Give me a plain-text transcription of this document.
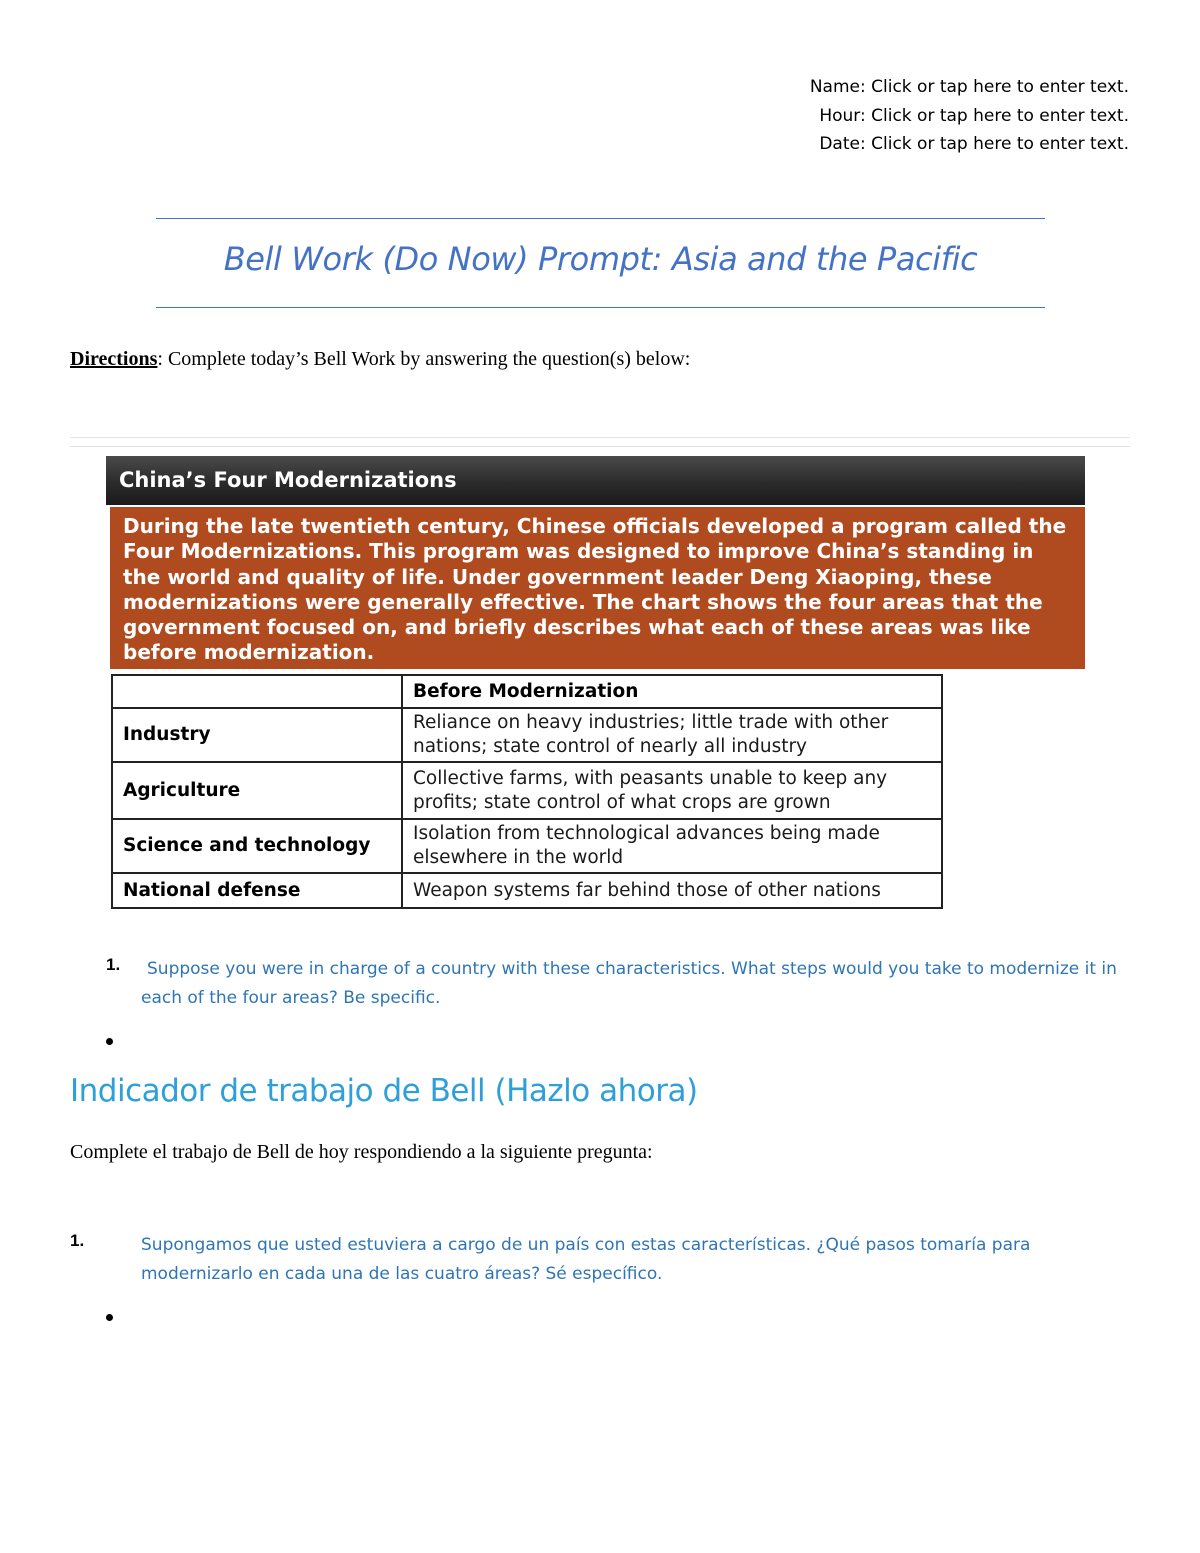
Name: Click or tap here to enter text.
Hour: Click or tap here to enter text.
Date: Click or tap here to enter text.
Bell Work (Do Now) Prompt: Asia and the Pacific
Directions: Complete today’s Bell Work by answering the question(s) below:
China’s Four Modernizations
During the late twentieth century, Chinese officials developed a program called the Four Modernizations. This program was designed to improve China’s standing in the world and quality of life. Under government leader Deng Xiaoping, these modernizations were generally effective. The chart shows the four areas that the government focused on, and briefly describes what each of these areas was like before modernization.
	Before Modernization
Industry	Reliance on heavy industries; little trade with other nations; state control of nearly all industry
Agriculture	Collective farms, with peasants unable to keep any profits; state control of what crops are grown
Science and technology	Isolation from technological advances being made elsewhere in the world
National defense	Weapon systems far behind those of other nations
1.	Suppose you were in charge of a country with these characteristics. What steps would you take to modernize it in each of the four areas? Be specific.
Indicador de trabajo de Bell (Hazlo ahora)
Complete el trabajo de Bell de hoy respondiendo a la siguiente pregunta:
1.	Supongamos que usted estuviera a cargo de un país con estas características. ¿Qué pasos tomaría para modernizarlo en cada una de las cuatro áreas? Sé específico.
